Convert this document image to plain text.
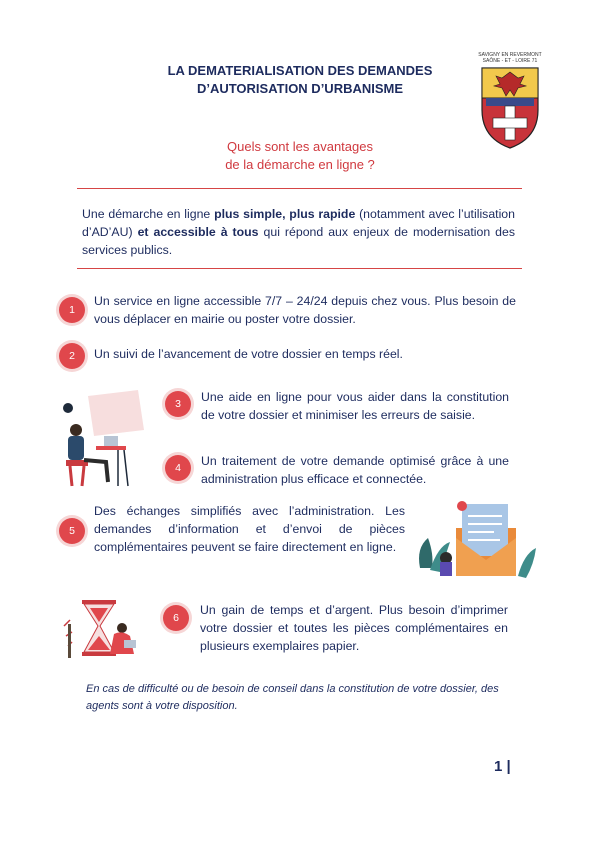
SAVIGNY EN REVERMONT
SAÔNE - ET - LOIRE 71
LA DEMATERIALISATION DES DEMANDES
D’AUTORISATION D’URBANISME
Quels sont les avantages
de la démarche en ligne ?
Une démarche en ligne plus simple, plus rapide (notamment avec l’utilisation d’AD’AU) et accessible à tous qui répond aux enjeux de modernisation des services publics.
1
Un service en ligne accessible 7/7 – 24/24 depuis chez vous. Plus besoin de vous déplacer en mairie ou poster votre dossier.
2	Un suivi de l’avancement de votre dossier en temps réel.
3	Une aide en ligne pour vous aider dans la constitution de votre dossier et minimiser les erreurs de saisie.
4	Un traitement de votre demande optimisé grâce à une administration plus efficace et connectée.
5
Des échanges simplifiés avec l’administration. Les demandes d’information et d’envoi de pièces complémentaires peuvent se faire directement en ligne.
6
Un gain de temps et d’argent. Plus besoin d’imprimer votre dossier et toutes les pièces complémentaires en plusieurs exemplaires papier.
En cas de difficulté ou de besoin de conseil dans la constitution de votre dossier, des agents sont à votre disposition.
1 |
